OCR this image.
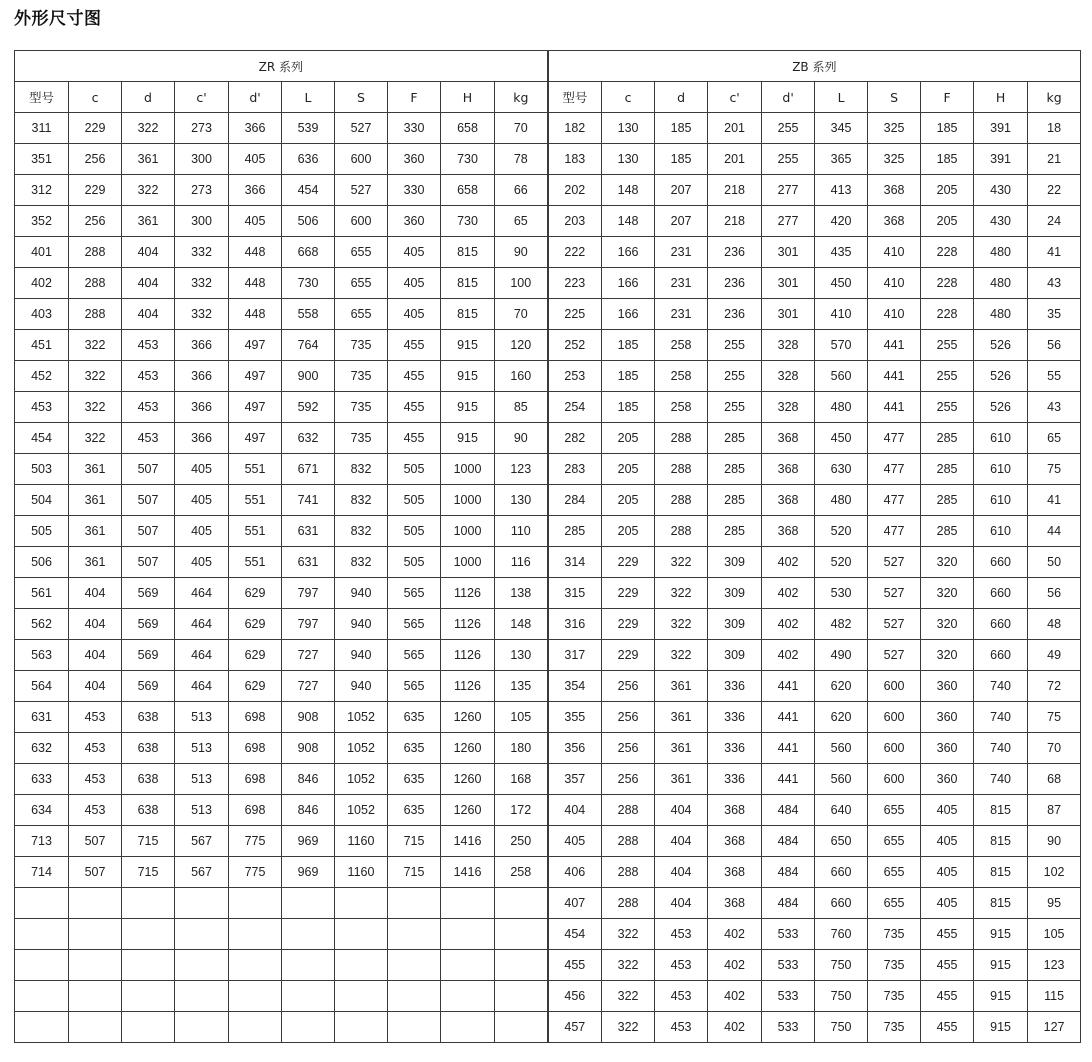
外形尺寸图
ZR 系列										ZB 系列									
型号	c	d	c'	d'	L	S	F	H	kg	型号	c	d	c'	d'	L	S	F	H	kg
311	229	322	273	366	539	527	330	658	70	182	130	185	201	255	345	325	185	391	18
351	256	361	300	405	636	600	360	730	78	183	130	185	201	255	365	325	185	391	21
312	229	322	273	366	454	527	330	658	66	202	148	207	218	277	413	368	205	430	22
352	256	361	300	405	506	600	360	730	65	203	148	207	218	277	420	368	205	430	24
401	288	404	332	448	668	655	405	815	90	222	166	231	236	301	435	410	228	480	41
402	288	404	332	448	730	655	405	815	100	223	166	231	236	301	450	410	228	480	43
403	288	404	332	448	558	655	405	815	70	225	166	231	236	301	410	410	228	480	35
451	322	453	366	497	764	735	455	915	120	252	185	258	255	328	570	441	255	526	56
452	322	453	366	497	900	735	455	915	160	253	185	258	255	328	560	441	255	526	55
453	322	453	366	497	592	735	455	915	85	254	185	258	255	328	480	441	255	526	43
454	322	453	366	497	632	735	455	915	90	282	205	288	285	368	450	477	285	610	65
503	361	507	405	551	671	832	505	1000	123	283	205	288	285	368	630	477	285	610	75
504	361	507	405	551	741	832	505	1000	130	284	205	288	285	368	480	477	285	610	41
505	361	507	405	551	631	832	505	1000	110	285	205	288	285	368	520	477	285	610	44
506	361	507	405	551	631	832	505	1000	116	314	229	322	309	402	520	527	320	660	50
561	404	569	464	629	797	940	565	1126	138	315	229	322	309	402	530	527	320	660	56
562	404	569	464	629	797	940	565	1126	148	316	229	322	309	402	482	527	320	660	48
563	404	569	464	629	727	940	565	1126	130	317	229	322	309	402	490	527	320	660	49
564	404	569	464	629	727	940	565	1126	135	354	256	361	336	441	620	600	360	740	72
631	453	638	513	698	908	1052	635	1260	105	355	256	361	336	441	620	600	360	740	75
632	453	638	513	698	908	1052	635	1260	180	356	256	361	336	441	560	600	360	740	70
633	453	638	513	698	846	1052	635	1260	168	357	256	361	336	441	560	600	360	740	68
634	453	638	513	698	846	1052	635	1260	172	404	288	404	368	484	640	655	405	815	87
713	507	715	567	775	969	1160	715	1416	250	405	288	404	368	484	650	655	405	815	90
714	507	715	567	775	969	1160	715	1416	258	406	288	404	368	484	660	655	405	815	102
										407	288	404	368	484	660	655	405	815	95
										454	322	453	402	533	760	735	455	915	105
										455	322	453	402	533	750	735	455	915	123
										456	322	453	402	533	750	735	455	915	115
										457	322	453	402	533	750	735	455	915	127
